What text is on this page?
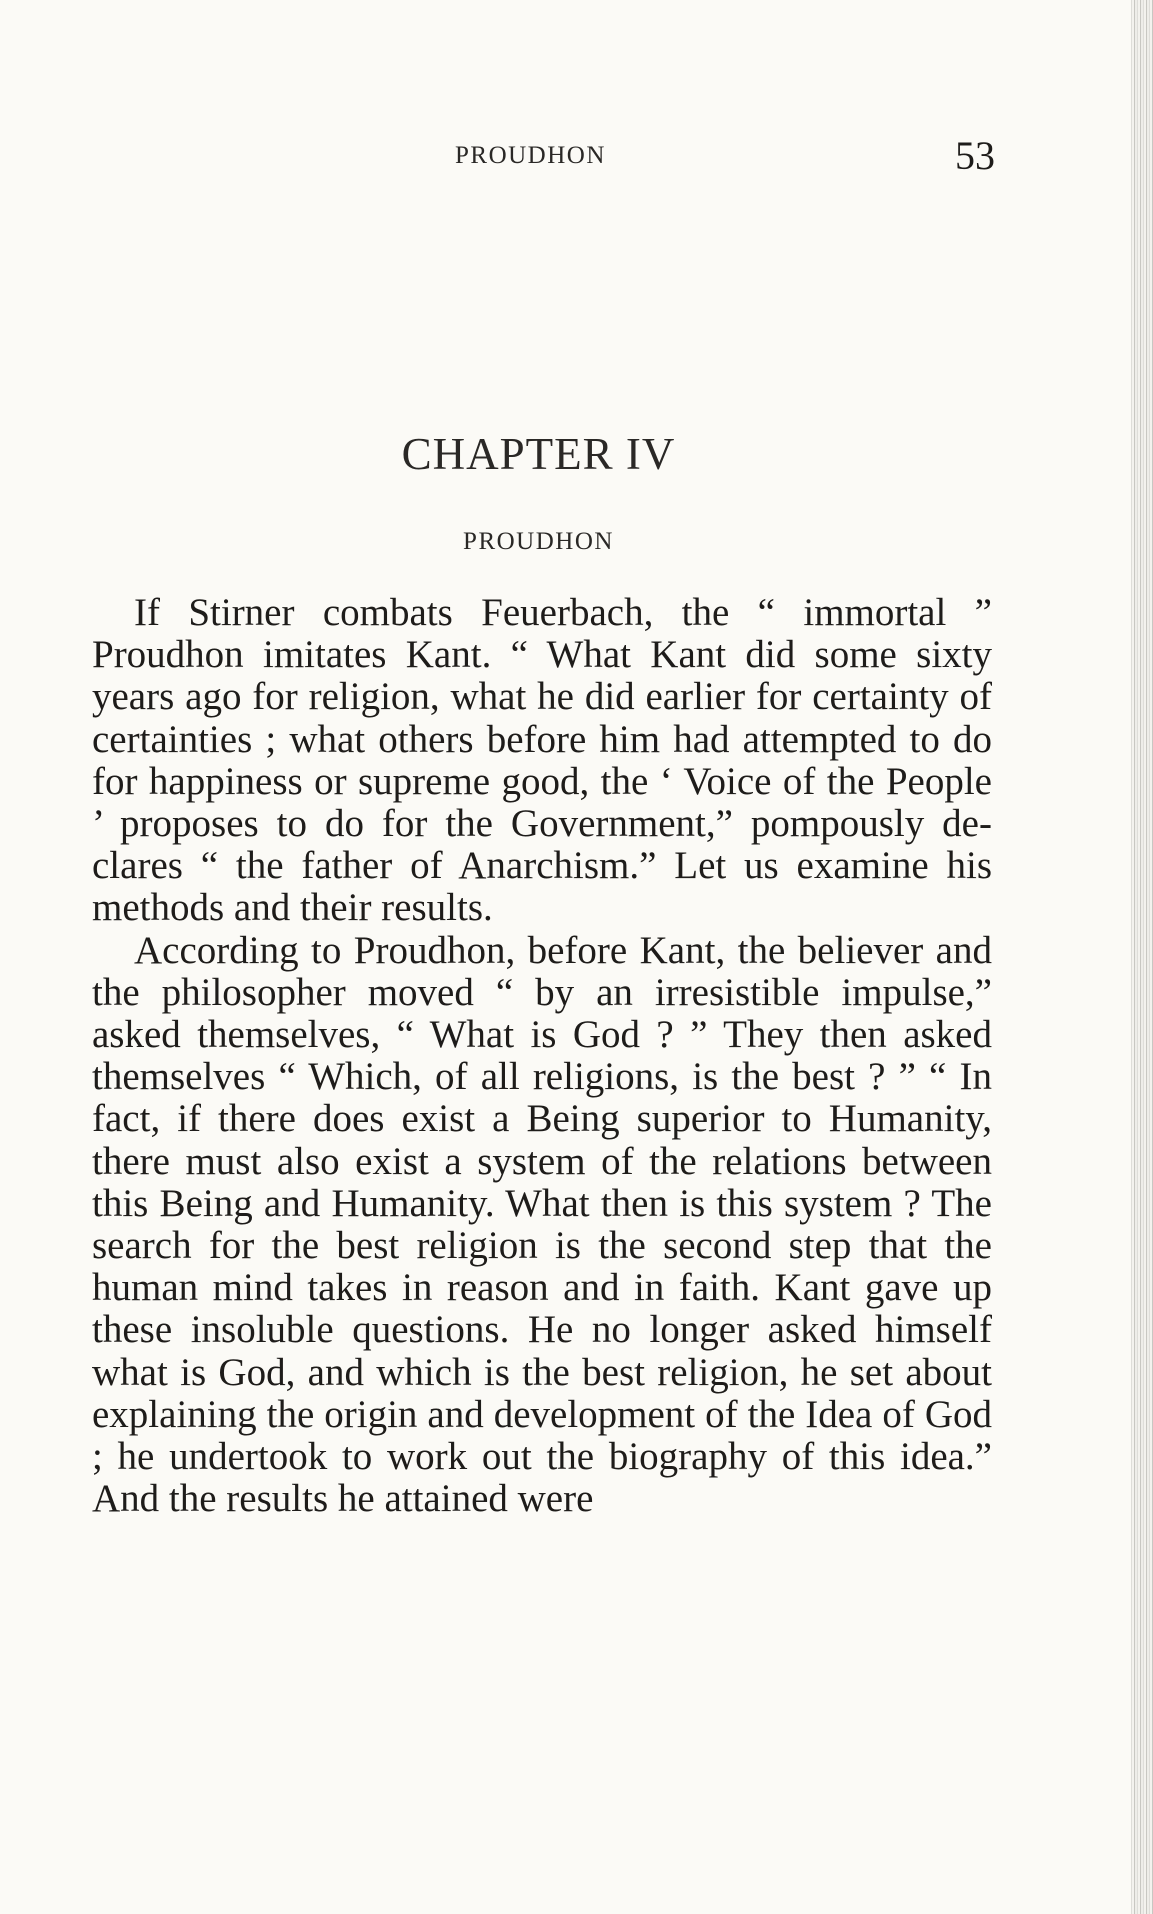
PROUDHON	53
CHAPTER IV
PROUDHON

If Stirner combats Feuerbach, the “ immortal ” Proudhon imitates Kant. “ What Kant did some sixty years ago for religion, what he did earlier for certainty of certainties ; what others before him had attempted to do for happiness or supreme good, the ‘ Voice of the People ’ proposes to do for the Government,” pompously declares “ the father of Anarchism.” Let us examine his methods and their results.

According to Proudhon, before Kant, the believer and the philosopher moved “ by an irresistible impulse,” asked themselves, “ What is God ? ” They then asked themselves “ Which, of all religions, is the best ? ” “ In fact, if there does exist a Being superior to Humanity, there must also exist a system of the relations between this Being and Humanity. What then is this system ? The search for the best religion is the second step that the human mind takes in reason and in faith. Kant gave up these insoluble questions. He no longer asked himself what is God, and which is the best religion, he set about explaining the origin and development of the Idea of God ; he undertook to work out the biography of this idea.” And the results he attained were
